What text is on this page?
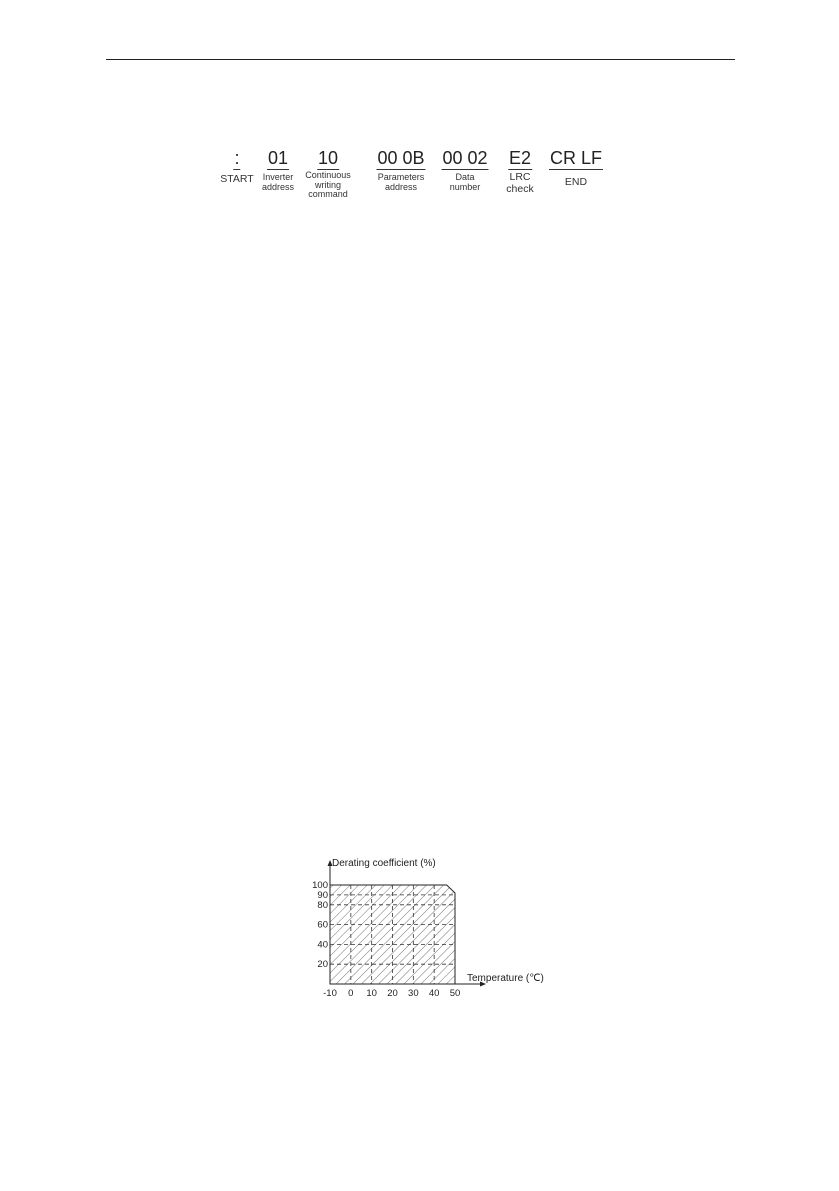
:
START
01
Inverter
address
10
Continuous
writing
command
00 0B
Parameters
address
00 02
Data
number
E2
LRC
check
CR LF
END
100
90
80
60
40
20
-10 0 10 20 30 40 50
Derating coefficient (%)
Temperature (℃)
